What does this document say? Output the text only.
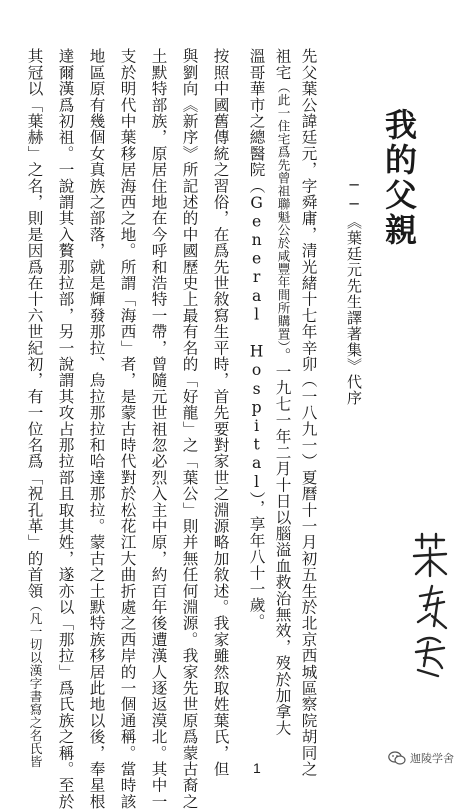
我的父親
──《葉廷元先生譯著集》代序
先父葉公諱廷元，字舜庸，清光緒十七年辛卯（一八九一）夏曆十一月初五生於北京西城區察院胡同之
祖宅（此一住宅爲先曾祖聯魁公於咸豐年間所購置）。一九七一年二月十日以腦溢血救治無效，歿於加拿大
溫哥華市之總醫院（General Hospital），享年八十一歲。
按照中國舊傳統之習俗，在爲先世敘寫生平時，首先要對家世之淵源略加敘述。我家雖然取姓葉氏，但
與劉向《新序》所記述的中國歷史上最有名的「好龍」之「葉公」則并無任何淵源。我家先世原爲蒙古裔之
土默特部族，原居住地在今呼和浩特一帶，曾隨元世祖忽必烈入主中原，約百年後遭漢人逐返漠北。其中一
支於明代中葉移居海西之地。所謂「海西」者，是蒙古時代對於松花江大曲折處之西岸的一個通稱。當時該
地區原有幾個女真族之部落，就是輝發那拉、烏拉那拉和哈達那拉。蒙古之土默特族移居此地以後，奉星根
達爾漢爲初祖。一說謂其入贅那拉部，另一說謂其攻占那拉部且取其姓，遂亦以「那拉」爲氏族之稱。至於
其冠以「葉赫」之名，則是因爲在十六世紀初，有一位名爲「祝孔革」的首領（凡一切以漢字書寫之名氏皆
1
迦陵学舍
